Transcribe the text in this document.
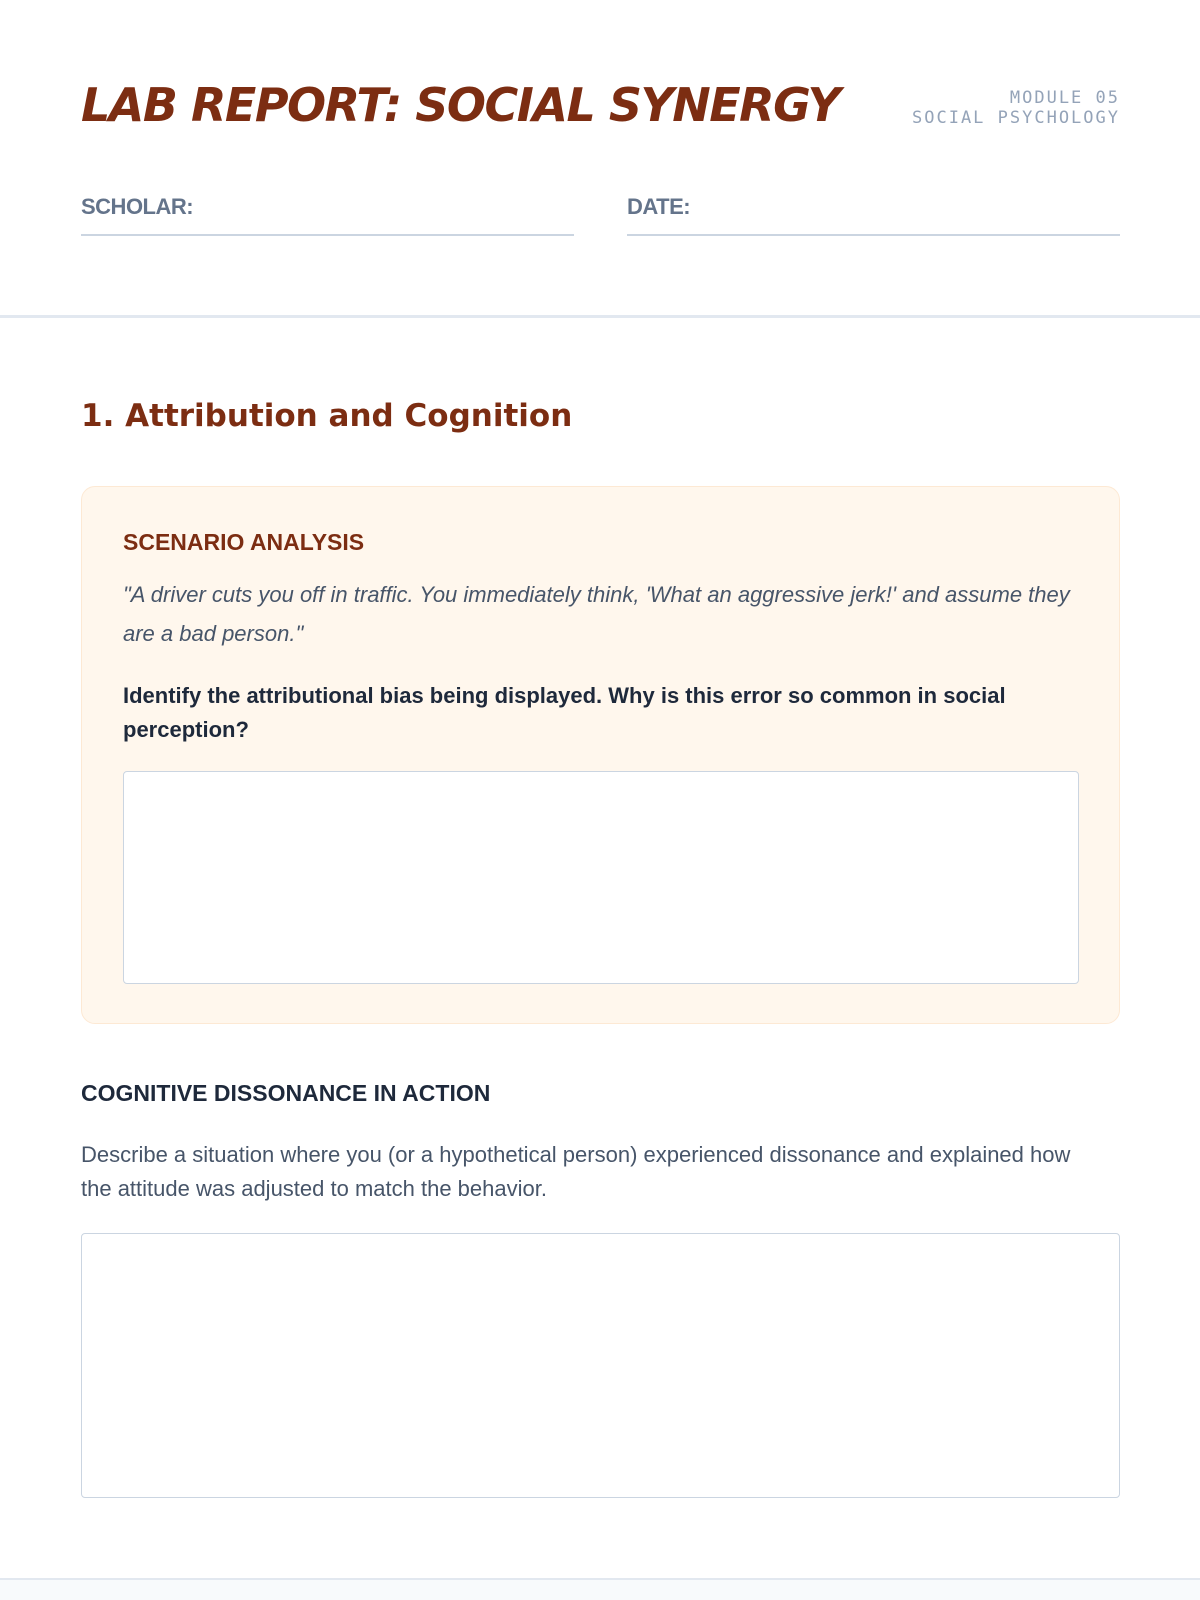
LAB REPORT: SOCIAL SYNERGY	MODULE 05
SOCIAL PSYCHOLOGY
SCHOLAR:	DATE:
1. Attribution and Cognition
SCENARIO ANALYSIS

"A driver cuts you off in traffic. You immediately think, 'What an aggressive jerk!' and assume they are a bad person."

Identify the attributional bias being displayed. Why is this error so common in social perception?

COGNITIVE DISSONANCE IN ACTION

Describe a situation where you (or a hypothetical person) experienced dissonance and explained how the attitude was adjusted to match the behavior.
